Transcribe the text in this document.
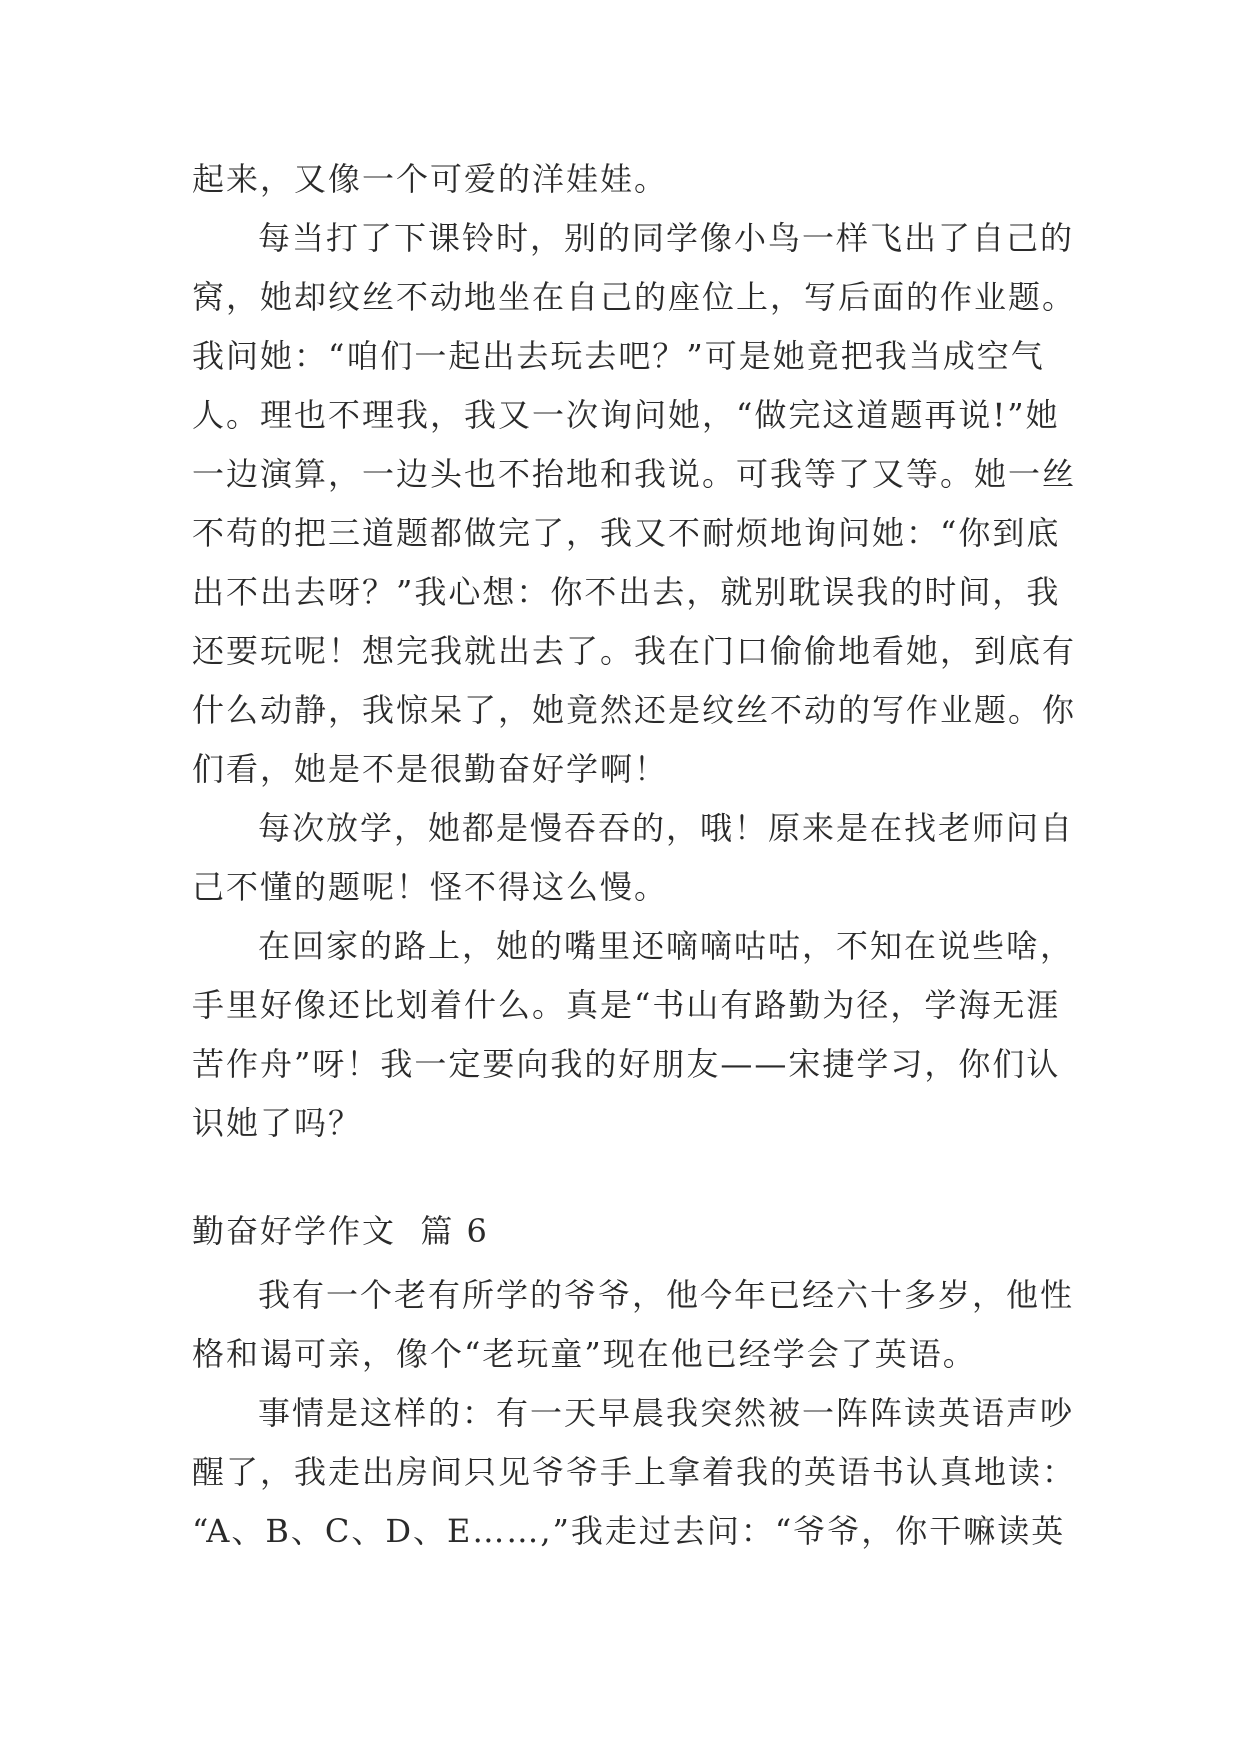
起来，又像一个可爱的洋娃娃。
每当打了下课铃时，别的同学像小鸟一样飞出了自己的
窝，她却纹丝不动地坐在自己的座位上，写后面的作业题。
我问她：“咱们一起出去玩去吧？”可是她竟把我当成空气
人。理也不理我，我又一次询问她，“做完这道题再说!”她
一边演算，一边头也不抬地和我说。可我等了又等。她一丝
不苟的把三道题都做完了，我又不耐烦地询问她：“你到底
出不出去呀？”我心想：你不出去，就别耽误我的时间，我
还要玩呢！想完我就出去了。我在门口偷偷地看她，到底有
什么动静，我惊呆了，她竟然还是纹丝不动的写作业题。你
们看，她是不是很勤奋好学啊！
每次放学，她都是慢吞吞的，哦！原来是在找老师问自
己不懂的题呢！怪不得这么慢。
在回家的路上，她的嘴里还嘀嘀咕咕，不知在说些啥，
手里好像还比划着什么。真是“书山有路勤为径，学海无涯
苦作舟”呀！我一定要向我的好朋友——宋捷学习，你们认
识她了吗？
勤奋好学作文  篇 6
我有一个老有所学的爷爷，他今年已经六十多岁，他性
格和谒可亲，像个“老玩童”现在他已经学会了英语。
事情是这样的：有一天早晨我突然被一阵阵读英语声吵
醒了，我走出房间只见爷爷手上拿着我的英语书认真地读：
“A、B、C、D、E……,”我走过去问：“爷爷，你干嘛读英
